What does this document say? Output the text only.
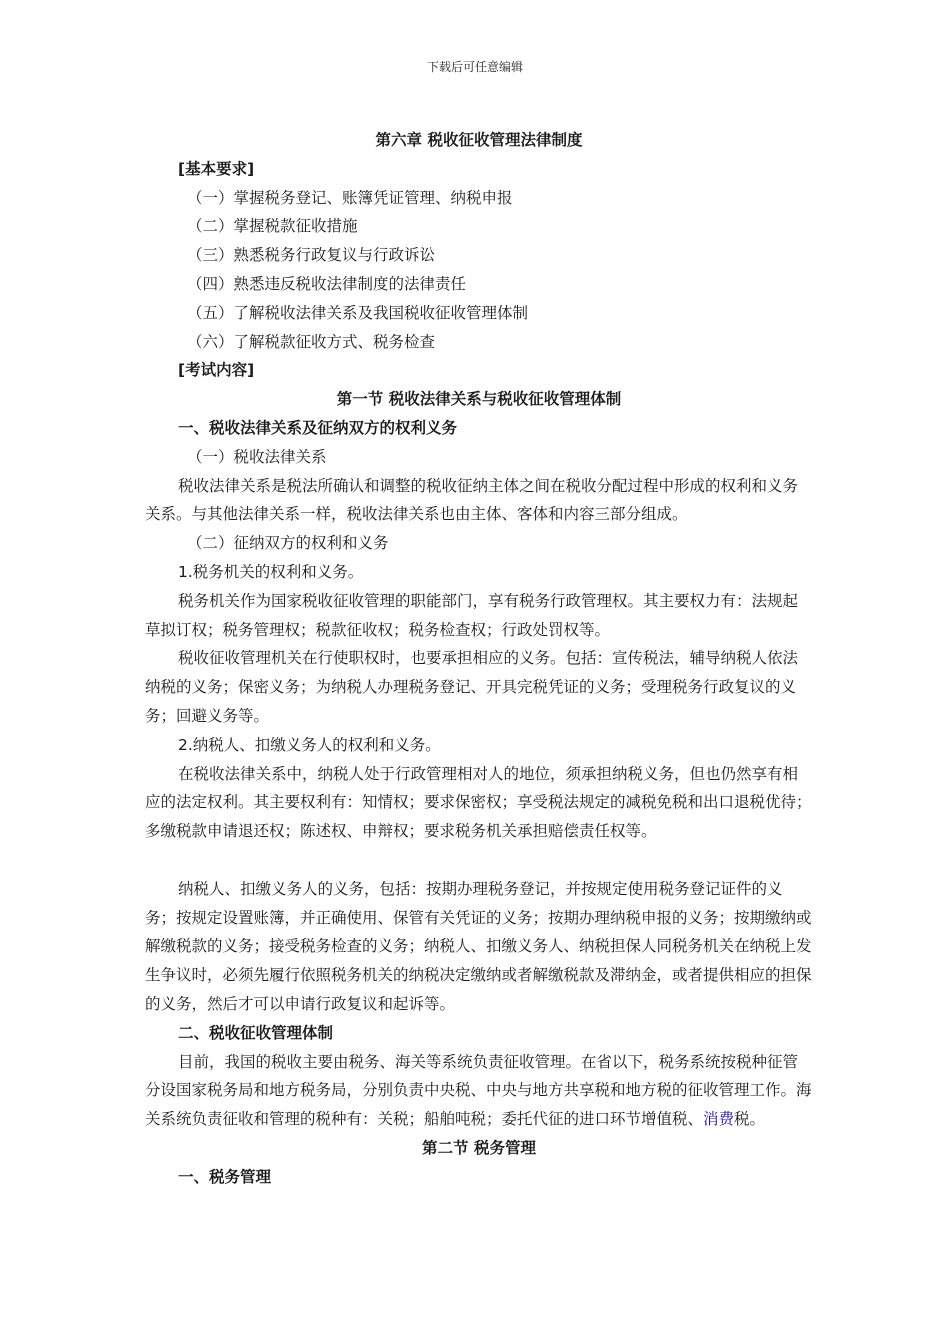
下载后可任意编辑

第六章 税收征收管理法律制度

[基本要求]

（一）掌握税务登记、账簿凭证管理、纳税申报

（二）掌握税款征收措施

（三）熟悉税务行政复议与行政诉讼

（四）熟悉违反税收法律制度的法律责任

（五）了解税收法律关系及我国税收征收管理体制

（六）了解税款征收方式、税务检查

[考试内容]

第一节 税收法律关系与税收征收管理体制

一、税收法律关系及征纳双方的权利义务

（一）税收法律关系

税收法律关系是税法所确认和调整的税收征纳主体之间在税收分配过程中形成的权利和义务关系。与其他法律关系一样，税收法律关系也由主体、客体和内容三部分组成。

（二）征纳双方的权利和义务

1.税务机关的权利和义务。

税务机关作为国家税收征收管理的职能部门，享有税务行政管理权。其主要权力有：法规起草拟订权；税务管理权；税款征收权；税务检查权；行政处罚权等。

税收征收管理机关在行使职权时，也要承担相应的义务。包括：宣传税法，辅导纳税人依法纳税的义务；保密义务；为纳税人办理税务登记、开具完税凭证的义务；受理税务行政复议的义务；回避义务等。

2.纳税人、扣缴义务人的权利和义务。

在税收法律关系中，纳税人处于行政管理相对人的地位，须承担纳税义务，但也仍然享有相应的法定权利。其主要权利有：知情权；要求保密权；享受税法规定的减税免税和出口退税优待；多缴税款申请退还权；陈述权、申辩权；要求税务机关承担赔偿责任权等。

纳税人、扣缴义务人的义务，包括：按期办理税务登记，并按规定使用税务登记证件的义务；按规定设置账簿，并正确使用、保管有关凭证的义务；按期办理纳税申报的义务；按期缴纳或解缴税款的义务；接受税务检查的义务；纳税人、扣缴义务人、纳税担保人同税务机关在纳税上发生争议时，必须先履行依照税务机关的纳税决定缴纳或者解缴税款及滞纳金，或者提供相应的担保的义务，然后才可以申请行政复议和起诉等。

二、税收征收管理体制

目前，我国的税收主要由税务、海关等系统负责征收管理。在省以下，税务系统按税种征管分设国家税务局和地方税务局，分别负责中央税、中央与地方共享税和地方税的征收管理工作。海关系统负责征收和管理的税种有：关税；船舶吨税；委托代征的进口环节增值税、消费税。

第二节 税务管理

一、税务管理
